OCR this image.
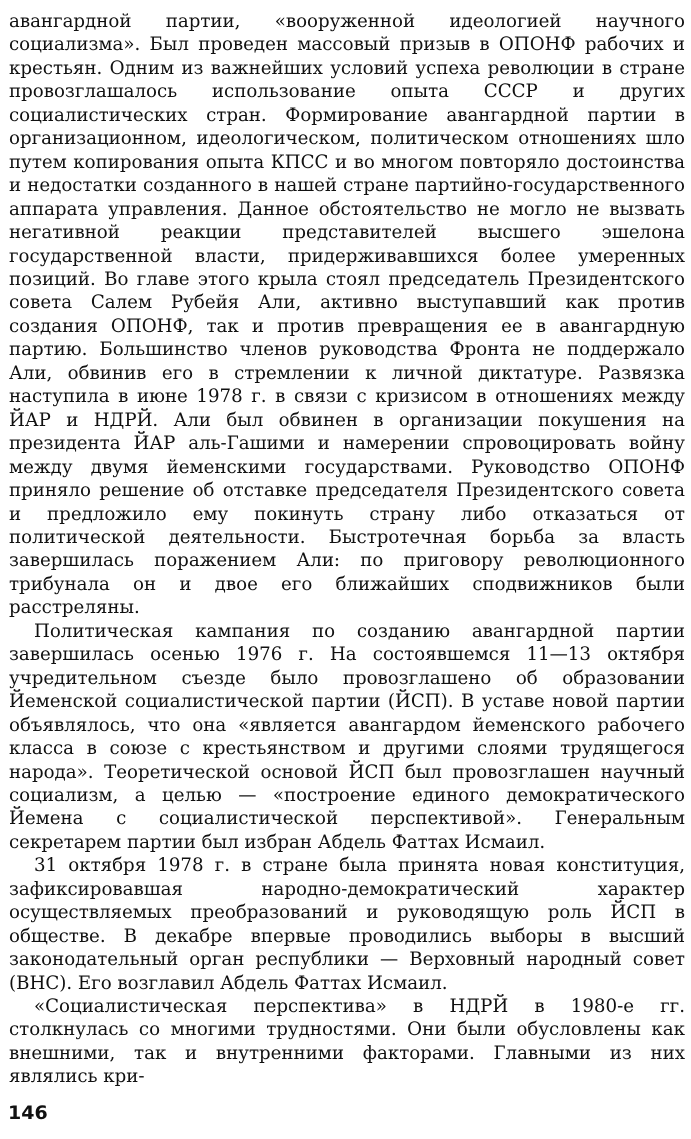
авангардной партии, «вооруженной идеологией научного социализма». Был проведен массовый призыв в ОПОНФ рабочих и крестьян. Одним из важнейших условий успеха революции в стране провозглашалось использование опыта СССР и других социалистических стран. Формирование авангардной партии в организационном, идеологическом, политическом отношениях шло путем копирования опыта КПСС и во многом повторяло достоинства и недостатки созданного в нашей стране партийно-государственного аппарата управления. Данное обстоятельство не могло не вызвать негативной реакции представителей высшего эшелона государственной власти, придерживавшихся более умеренных позиций. Во главе этого крыла стоял председатель Президентского совета Салем Рубейя Али, активно выступавший как против создания ОПОНФ, так и против превращения ее в авангардную партию. Большинство членов руководства Фронта не поддержало Али, обвинив его в стремлении к личной диктатуре. Развязка наступила в июне 1978 г. в связи с кризисом в отношениях между ЙАР и НДРЙ. Али был обвинен в организации покушения на президента ЙАР аль-Гашими и намерении спровоцировать войну между двумя йеменскими государствами. Руководство ОПОНФ приняло решение об отставке председателя Президентского совета и предложило ему покинуть страну либо отказаться от политической деятельности. Быстротечная борьба за власть завершилась поражением Али: по приговору революционного трибунала он и двое его ближайших сподвижников были расстреляны.

Политическая кампания по созданию авангардной партии завершилась осенью 1976 г. На состоявшемся 11—13 октября учредительном съезде было провозглашено об образовании Йеменской социалистической партии (ЙСП). В уставе новой партии объявлялось, что она «является авангардом йеменского рабочего класса в союзе с крестьянством и другими слоями трудящегося народа». Теоретической основой ЙСП был провозглашен научный социализм, а целью — «построение единого демократического Йемена с социалистической перспективой». Генеральным секретарем партии был избран Абдель Фаттах Исмаил.

31 октября 1978 г. в стране была принята новая конституция, зафиксировавшая народно-демократический характер осуществляемых преобразований и руководящую роль ЙСП в обществе. В декабре впервые проводились выборы в высший законодательный орган республики — Верховный народный совет (ВНС). Его возглавил Абдель Фаттах Исмаил.

«Социалистическая перспектива» в НДРЙ в 1980-е гг. столкнулась со многими трудностями. Они были обусловлены как внешними, так и внутренними факторами. Главными из них являлись кри-

146
